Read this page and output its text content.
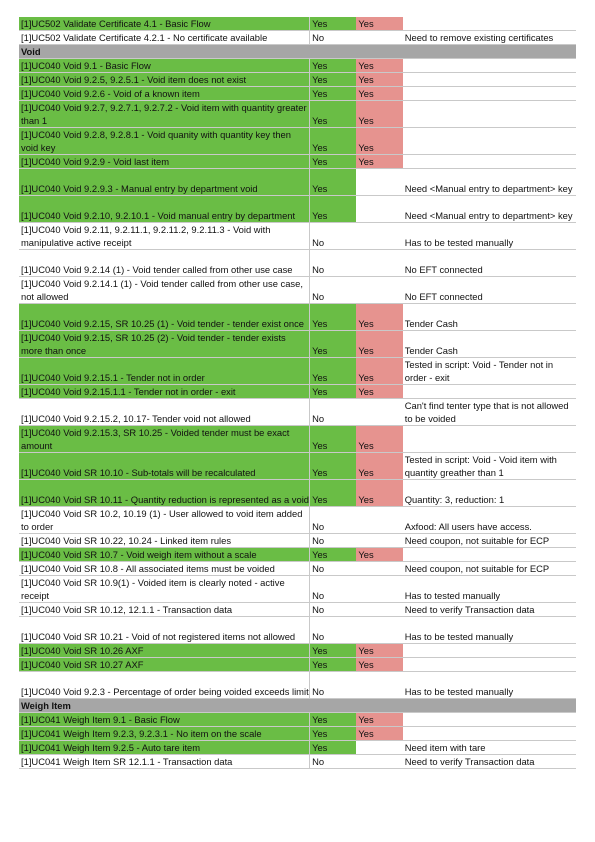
[1]UC502 Validate Certificate 4.1 - Basic Flow	Yes	Yes	
[1]UC502 Validate Certificate 4.2.1 - No certificate available	No		Need to remove existing certificates
Void			
[1]UC040 Void 9.1 - Basic Flow	Yes	Yes	
[1]UC040 Void 9.2.5, 9.2.5.1 - Void item does not exist	Yes	Yes	
[1]UC040 Void 9.2.6 - Void of a known item	Yes	Yes	
[1]UC040 Void 9.2.7, 9.2.7.1, 9.2.7.2 - Void item with quantity greater than 1	Yes	Yes	
[1]UC040 Void 9.2.8, 9.2.8.1 - Void quanity with quantity key then void key	Yes	Yes	
[1]UC040 Void 9.2.9 - Void last item	Yes	Yes	
[1]UC040 Void 9.2.9.3 - Manual entry by department void	Yes		Need <Manual entry to department> key
[1]UC040 Void 9.2.10, 9.2.10.1 - Void manual entry by department	Yes		Need <Manual entry to department> key
[1]UC040 Void 9.2.11, 9.2.11.1, 9.2.11.2, 9.2.11.3 - Void with manipulative active receipt	No		Has to be tested manually
[1]UC040 Void 9.2.14 (1) - Void tender called from other use case	No		No EFT connected
[1]UC040 Void 9.2.14.1 (1) - Void tender called from other use case, not allowed	No		No EFT connected
[1]UC040 Void 9.2.15, SR 10.25 (1) - Void tender - tender exist once	Yes	Yes	Tender Cash
[1]UC040 Void 9.2.15, SR 10.25 (2) - Void tender - tender exists more than once	Yes	Yes	Tender Cash
[1]UC040 Void 9.2.15.1 - Tender not in order	Yes	Yes	Tested in script: Void - Tender not in order - exit
[1]UC040 Void 9.2.15.1.1 - Tender not in order - exit	Yes	Yes	
[1]UC040 Void 9.2.15.2, 10.17- Tender void not allowed	No		Can't find tenter type that is not allowed to be voided
[1]UC040 Void 9.2.15.3, SR 10.25 - Voided tender must be exact amount	Yes	Yes	
[1]UC040 Void SR 10.10 - Sub-totals will be recalculated	Yes	Yes	Tested in script: Void - Void item with quantity greather than 1
[1]UC040 Void SR 10.11 - Quantity reduction is represented as a void	Yes	Yes	Quantity: 3, reduction: 1
[1]UC040 Void SR 10.2, 10.19 (1) - User allowed to void item added to order	No		Axfood: All users have access.
[1]UC040 Void SR 10.22, 10.24 - Linked item rules	No		Need coupon, not suitable for ECP
[1]UC040 Void SR 10.7 - Void weigh item without a scale	Yes	Yes	
[1]UC040 Void SR 10.8 - All associated items must be voided	No		Need coupon, not suitable for ECP
[1]UC040 Void SR 10.9(1) - Voided item is clearly noted - active receipt	No		Has to tested manually
[1]UC040 Void SR 10.12, 12.1.1 - Transaction data	No		Need to verify Transaction data
[1]UC040 Void SR 10.21 - Void of not registered items not allowed	No		Has to be tested manually
[1]UC040 Void SR 10.26 AXF	Yes	Yes	
[1]UC040 Void SR 10.27 AXF	Yes	Yes	
[1]UC040 Void 9.2.3 - Percentage of order being voided exceeds limit	No		Has to be tested manually
Weigh Item			
[1]UC041 Weigh Item 9.1 - Basic Flow	Yes	Yes	
[1]UC041 Weigh Item 9.2.3, 9.2.3.1 - No item on the scale	Yes	Yes	
[1]UC041 Weigh Item 9.2.5 - Auto tare item	Yes		Need item with tare
[1]UC041 Weigh Item SR 12.1.1 - Transaction data	No		Need to verify Transaction data
